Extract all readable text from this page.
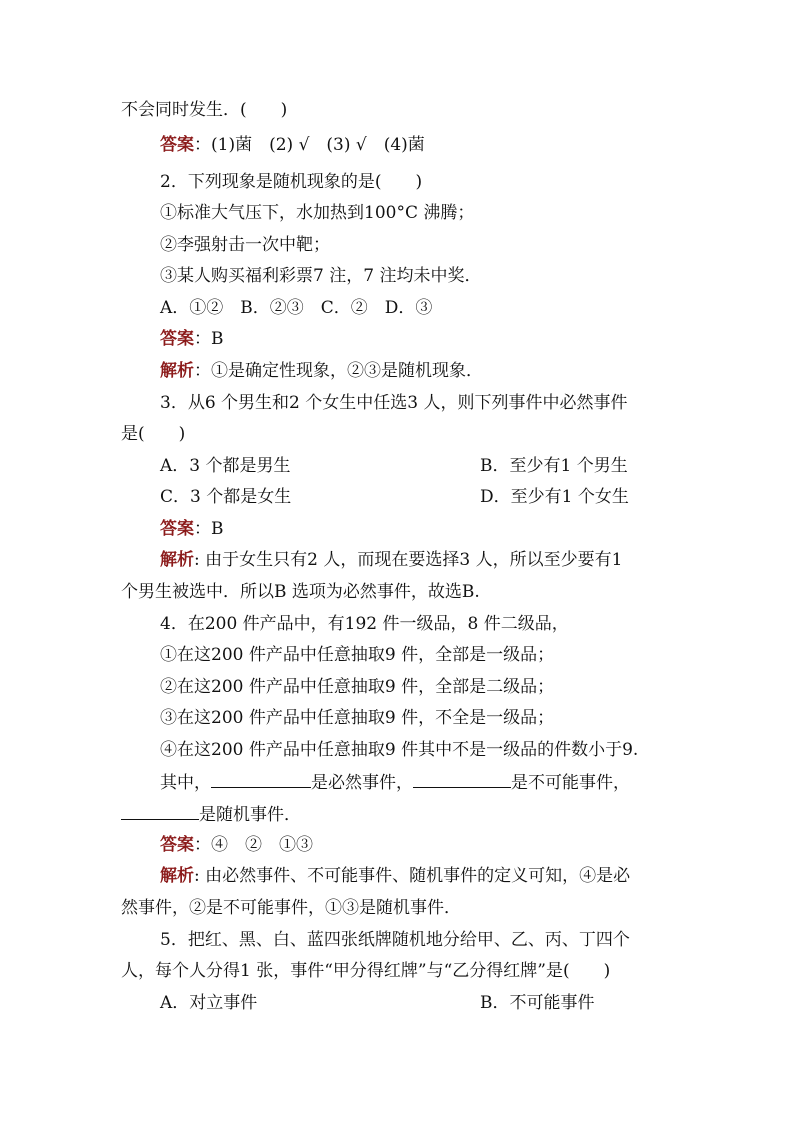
不会同时发生．(　　)
答案：(1)菌　(2) √　(3) √　(4)菌
2．下列现象是随机现象的是(　　)
①标准大气压下，水加热到100°C 沸腾；
②李强射击一次中靶；
③某人购买福利彩票7 注，7 注均未中奖．
A．①②　B．②③　C．②　D．③
答案：B
解析：①是确定性现象，②③是随机现象．
3．从6 个男生和2 个女生中任选3 人，则下列事件中必然事件
是(　　)
A．3 个都是男生	B．至少有1 个男生
C．3 个都是女生	D．至少有1 个女生
答案：B
解析: 由于女生只有2 人，而现在要选择3 人，所以至少要有1
个男生被选中．所以B 选项为必然事件，故选B.
4．在200 件产品中，有192 件一级品，8 件二级品，
①在这200 件产品中任意抽取9 件，全部是一级品；
②在这200 件产品中任意抽取9 件，全部是二级品；
③在这200 件产品中任意抽取9 件，不全是一级品；
④在这200 件产品中任意抽取9 件其中不是一级品的件数小于9.
其中，	是必然事件，	是不可能事件，
是随机事件．
答案：④　②　①③
解析: 由必然事件、不可能事件、随机事件的定义可知，④是必
然事件，②是不可能事件，①③是随机事件．
5．把红、黑、白、蓝四张纸牌随机地分给甲、乙、丙、丁四个
人，每个人分得1 张，事件“甲分得红牌”与“乙分得红牌”是(　　)
A．对立事件	B．不可能事件
